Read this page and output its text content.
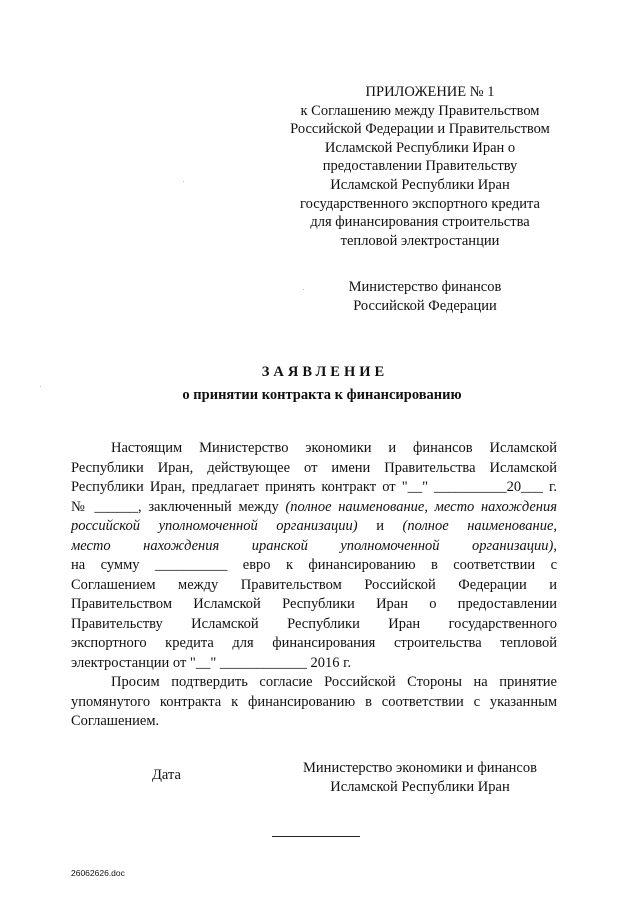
ПРИЛОЖЕНИЕ № 1
к Соглашению между Правительством
Российской Федерации и Правительством
Исламской Республики Иран о
предоставлении Правительству
Исламской Республики Иран
государственного экспортного кредита
для финансирования строительства
тепловой электростанции
Министерство финансов
Российской Федерации
ЗАЯВЛЕНИЕ
о принятии контракта к финансированию
Настоящим Министерство экономики и финансов Исламской
Республики Иран, действующее от имени Правительства Исламской
Республики Иран, предлагает принять контракт от "__" __________20___ г.
№ ______, заключенный между (полное наименование, место нахождения
российской уполномоченной организации) и (полное наименование,
место нахождения иранской уполномоченной организации),
на сумму __________ евро к финансированию в соответствии с
Соглашением между Правительством Российской Федерации и
Правительством Исламской Республики Иран о предоставлении
Правительству Исламской Республики Иран государственного
экспортного кредита для финансирования строительства тепловой
электростанции от "__" ____________ 2016 г.
Просим подтвердить согласие Российской Стороны на принятие
упомянутого контракта к финансированию в соответствии с указанным
Соглашением.
Дата	Министерство экономики и финансов
Исламской Республики Иран
26062626.doc
